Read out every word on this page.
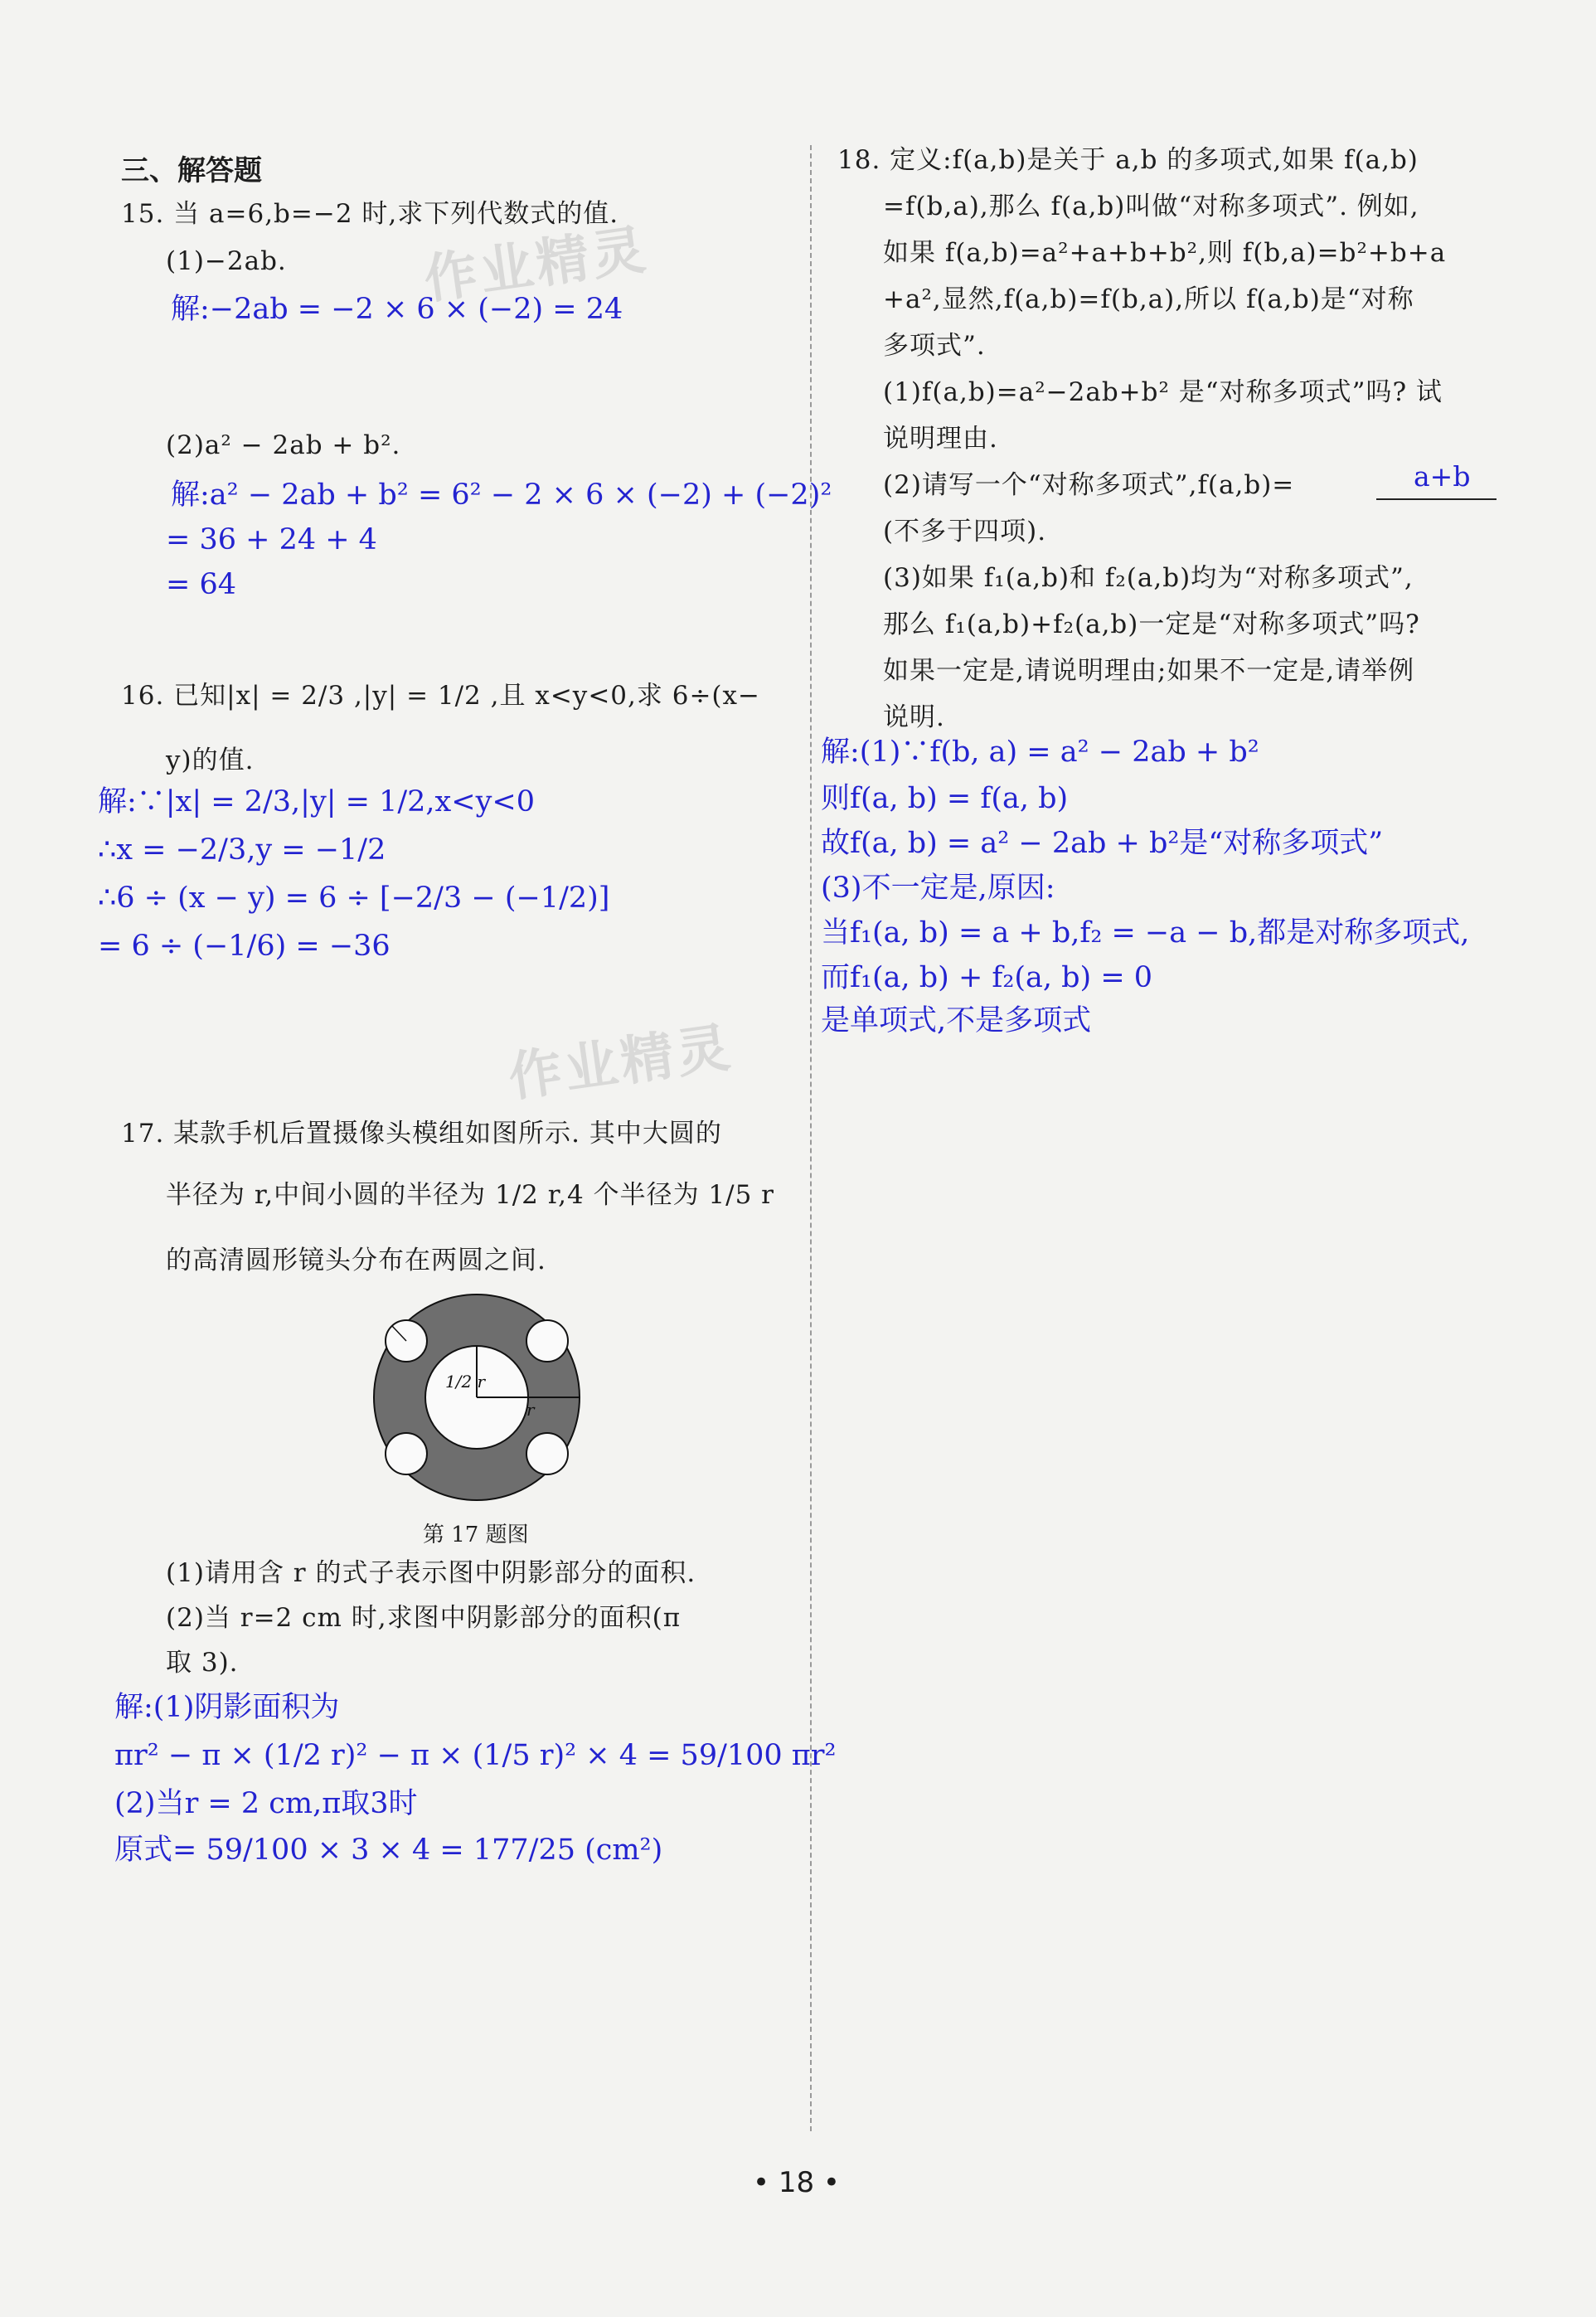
作业精灵
作业精灵
三、解答题
15. 当 a=6,b=−2 时,求下列代数式的值.
(1)−2ab.
解:−2ab = −2 × 6 × (−2) = 24
(2)a² − 2ab + b².
解:a² − 2ab + b² = 6² − 2 × 6 × (−2) + (−2)²
= 36 + 24 + 4
= 64
16. 已知|x| = 2/3 ,|y| = 1/2 ,且 x<y<0,求 6÷(x−
y)的值.
解:∵|x| = 2/3,|y| = 1/2,x<y<0
∴x = −2/3,y = −1/2
∴6 ÷ (x − y) = 6 ÷ [−2/3 − (−1/2)]
= 6 ÷ (−1/6) = −36
17. 某款手机后置摄像头模组如图所示. 其中大圆的
半径为 r,中间小圆的半径为 1/2 r,4 个半径为 1/5 r
的高清圆形镜头分布在两圆之间.
1/2 r
r
第 17 题图
(1)请用含 r 的式子表示图中阴影部分的面积.
(2)当 r=2 cm 时,求图中阴影部分的面积(π
取 3).
解:(1)阴影面积为
πr² − π × (1/2 r)² − π × (1/5 r)² × 4 = 59/100 πr²
(2)当r = 2 cm,π取3时
原式= 59/100 × 3 × 4 = 177/25 (cm²)
18. 定义:f(a,b)是关于 a,b 的多项式,如果 f(a,b)
=f(b,a),那么 f(a,b)叫做“对称多项式”. 例如,
如果 f(a,b)=a²+a+b+b²,则 f(b,a)=b²+b+a
+a²,显然,f(a,b)=f(b,a),所以 f(a,b)是“对称
多项式”.
(1)f(a,b)=a²−2ab+b² 是“对称多项式”吗? 试
说明理由.
(2)请写一个“对称多项式”,f(a,b)=	a+b
(不多于四项).
(3)如果 f₁(a,b)和 f₂(a,b)均为“对称多项式”,
那么 f₁(a,b)+f₂(a,b)一定是“对称多项式”吗?
如果一定是,请说明理由;如果不一定是,请举例
说明.
解:(1)∵f(b, a) = a² − 2ab + b²
则f(a, b) = f(a, b)
故f(a, b) = a² − 2ab + b²是“对称多项式”
(3)不一定是,原因:
当f₁(a, b) = a + b,f₂ = −a − b,都是对称多项式,
而f₁(a, b) + f₂(a, b) = 0
是单项式,不是多项式
• 18 •
